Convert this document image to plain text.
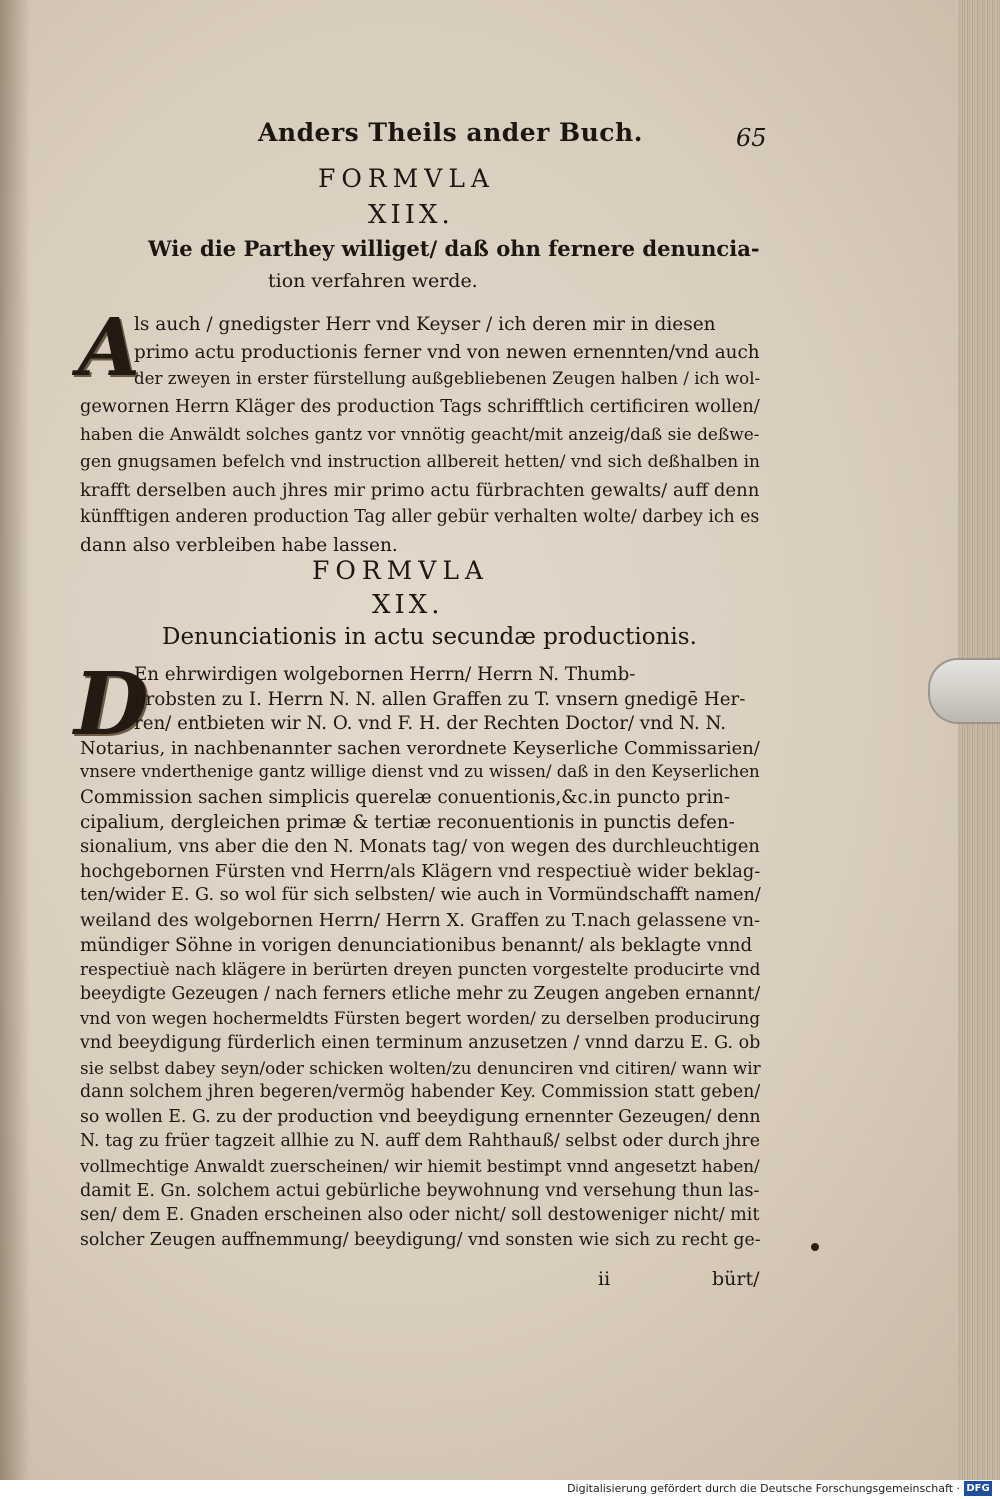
Anders Theils ander Buch.	65
FORMVLA
XIIX.
Wie die Parthey williget/ daß ohn fernere denuncia-
tion verfahren werde.
A
ls auch / gnedigster Herr vnd Keyser / ich deren mir in diesen
primo actu productionis ferner vnd von newen ernennten/vnd auch
der zweyen in erster fürstellung außgebliebenen Zeugen halben / ich wol-
gewornen Herrn Kläger des production Tags schrifftlich certificiren wollen/
haben die Anwäldt solches gantz vor vnnötig geacht/mit anzeig/daß sie deßwe-
gen gnugsamen befelch vnd instruction allbereit hetten/ vnd sich deßhalben in
krafft derselben auch jhres mir primo actu fürbrachten gewalts/ auff denn
künfftigen anderen production Tag aller gebür verhalten wolte/ darbey ich es
dann also verbleiben habe lassen.
FORMVLA
XIX.
Denunciationis in actu secundæ productionis.
D
En ehrwirdigen wolgebornen Herrn/ Herrn N. Thumb-
probsten zu I. Herrn N. N. allen Graffen zu T. vnsern gnedigē Her-
ren/ entbieten wir N. O. vnd F. H. der Rechten Doctor/ vnd N. N.
Notarius, in nachbenannter sachen verordnete Keyserliche Commissarien/
vnsere vnderthenige gantz willige dienst vnd zu wissen/ daß in den Keyserlichen
Commission sachen simplicis querelæ conuentionis,&c.in puncto prin-
cipalium, dergleichen primæ & tertiæ reconuentionis in punctis defen-
sionalium, vns aber die den N. Monats tag/ von wegen des durchleuchtigen
hochgebornen Fürsten vnd Herrn/als Klägern vnd respectiuè wider beklag-
ten/wider E. G. so wol für sich selbsten/ wie auch in Vormündschafft namen/
weiland des wolgebornen Herrn/ Herrn X. Graffen zu T.nach gelassene vn-
mündiger Söhne in vorigen denunciationibus benannt/ als beklagte vnnd
respectiuè nach klägere in berürten dreyen puncten vorgestelte producirte vnd
beeydigte Gezeugen / nach ferners etliche mehr zu Zeugen angeben ernannt/
vnd von wegen hochermeldts Fürsten begert worden/ zu derselben producirung
vnd beeydigung fürderlich einen terminum anzusetzen / vnnd darzu E. G. ob
sie selbst dabey seyn/oder schicken wolten/zu denunciren vnd citiren/ wann wir
dann solchem jhren begeren/vermög habender Key. Commission statt geben/
so wollen E. G. zu der production vnd beeydigung ernennter Gezeugen/ denn
N. tag zu früer tagzeit allhie zu N. auff dem Rahthauß/ selbst oder durch jhre
vollmechtige Anwaldt zuerscheinen/ wir hiemit bestimpt vnnd angesetzt haben/
damit E. Gn. solchem actui gebürliche beywohnung vnd versehung thun las-
sen/ dem E. Gnaden erscheinen also oder nicht/ soll destoweniger nicht/ mit
solcher Zeugen auffnemmung/ beeydigung/ vnd sonsten wie sich zu recht ge-
ii	bürt/
Digitalisierung gefördert durch die Deutsche Forschungsgemeinschaft · DFG
